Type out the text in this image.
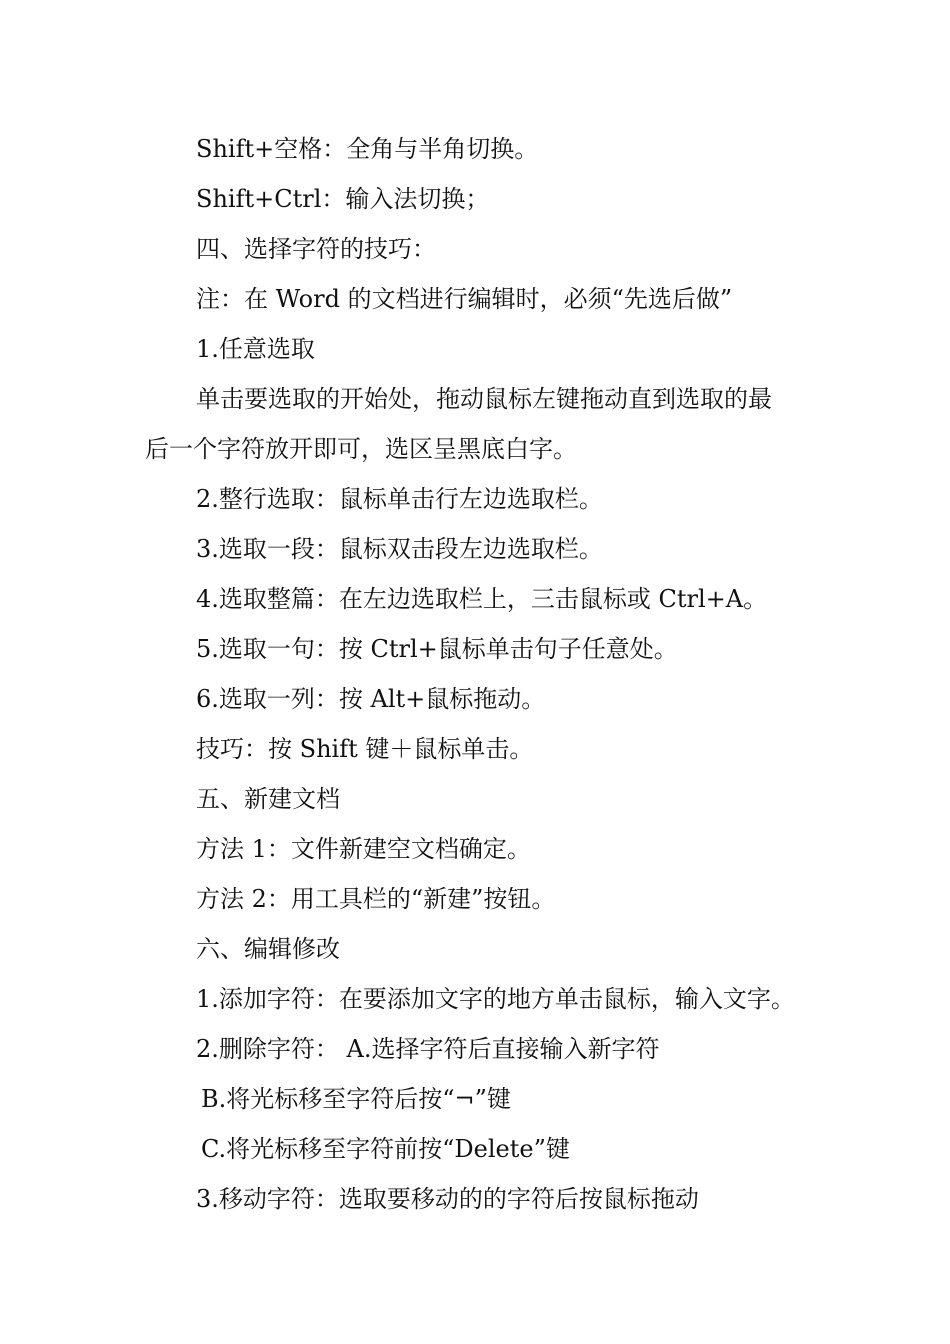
Shift+空格：全角与半角切换。
Shift+Ctrl：输入法切换；
四、选择字符的技巧：
注：在 Word 的文档进行编辑时，必须“先选后做”
1.任意选取
单击要选取的开始处，拖动鼠标左键拖动直到选取的最
后一个字符放开即可，选区呈黑底白字。
2.整行选取：鼠标单击行左边选取栏。
3.选取一段：鼠标双击段左边选取栏。
4.选取整篇：在左边选取栏上，三击鼠标或 Ctrl+A。
5.选取一句：按 Ctrl+鼠标单击句子任意处。
6.选取一列：按 Alt+鼠标拖动。
技巧：按 Shift 键＋鼠标单击。
五、新建文档
方法 1：文件新建空文档确定。
方法 2：用工具栏的“新建”按钮。
六、编辑修改
1.添加字符：在要添加文字的地方单击鼠标，输入文字。
2.删除字符： A.选择字符后直接输入新字符
B.将光标移至字符后按“¬”键
C.将光标移至字符前按“Delete”键
3.移动字符：选取要移动的的字符后按鼠标拖动
